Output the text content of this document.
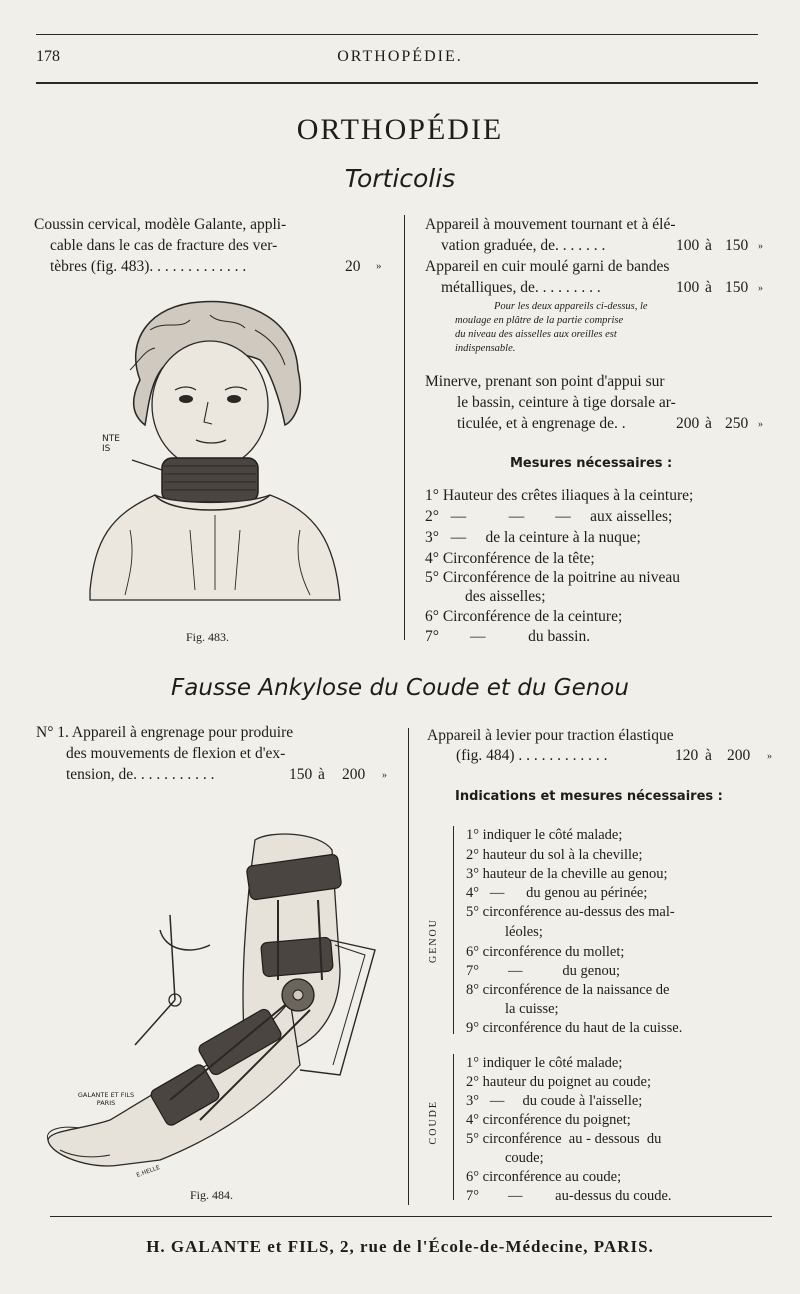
178	ORTHOPÉDIE.
ORTHOPÉDIE
Torticolis
Coussin cervical, modèle Galante, appli-
cable dans le cas de fracture des ver-
tèbres (fig. 483). . . . . . . . . . . . .	20 »
NTE
IS
Fig. 483.
Appareil à mouvement tournant et à élé-
vation graduée, de. . . . . . .	100 à 150 »
Appareil en cuir moulé garni de bandes
métalliques, de. . . . . . . . .	100 à 150 »
Pour les deux appareils ci-dessus, le
moulage en plâtre de la partie comprise
du niveau des aisselles aux oreilles est
indispensable.
Minerve, prenant son point d'appui sur
le bassin, ceinture à tige dorsale ar-
ticulée, et à engrenage de. .	200 à 250 »
Mesures nécessaires :
1° Hauteur des crêtes iliaques à la ceinture;
2°   —           —        —     aux aisselles;
3°   —     de la ceinture à la nuque;
4° Circonférence de la tête;
5° Circonférence de la poitrine au niveau
des aisselles;
6° Circonférence de la ceinture;
7°        —           du bassin.
Fausse Ankylose du Coude et du Genou
N° 1. Appareil à engrenage pour produire
des mouvements de flexion et d'ex-
tension, de. . . . . . . . . . .	150 à 200 »
GALANTE ET FILS
PARIS
E.HELLE
Fig. 484.
Appareil à levier pour traction élastique
(fig. 484) . . . . . . . . . . . .	120 à 200 »
Indications et mesures nécessaires :
GENOU
1° indiquer le côté malade;
2° hauteur du sol à la cheville;
3° hauteur de la cheville au genou;
4°   —      du genou au périnée;
5° circonférence au-dessus des mal-
léoles;
6° circonférence du mollet;
7°        —           du genou;
8° circonférence de la naissance de
la cuisse;
9° circonférence du haut de la cuisse.
COUDE
1° indiquer le côté malade;
2° hauteur du poignet au coude;
3°   —     du coude à l'aisselle;
4° circonférence du poignet;
5° circonférence  au - dessous  du
coude;
6° circonférence au coude;
7°        —         au-dessus du coude.
H. GALANTE et FILS, 2, rue de l'École-de-Médecine, PARIS.
